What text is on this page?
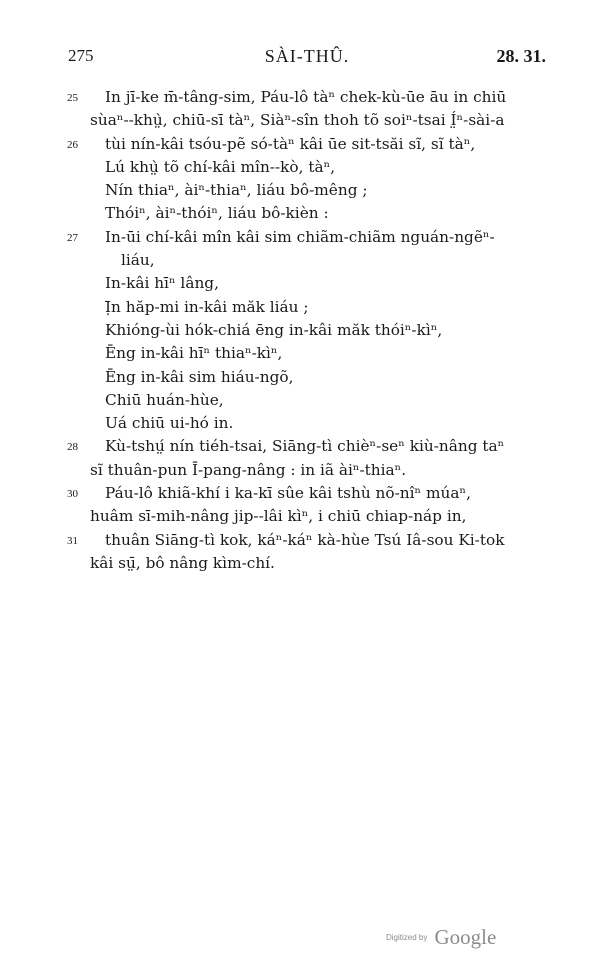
275	SÀI-THÛ.	28. 31.
25 In jī-ke m̄-tâng-sim, Páu-lô tàⁿ chek-kù-ūe āu in chiū
sùaⁿ--khṳ̀, chiū-sī tàⁿ, Siàⁿ-sîn thoh tõ soiⁿ-tsai Í̤ⁿ-sài-a
26 tùi nín-kâi tsóu-pẽ só-tàⁿ kâi ūe sit-tsăi sĩ, sĩ tàⁿ,
Lú khṳ̀ tõ chí-kâi mîn--kò, tàⁿ,
Nín thiaⁿ, àiⁿ-thiaⁿ, liáu bô-mêng ;
Thóiⁿ, àiⁿ-thóiⁿ, liáu bô-kièn :
27 In-ūi chí-kâi mîn kâi sim chiãm-chiãm nguán-ngẽⁿ-
liáu,
In-kâi hīⁿ lâng,
Ị̄n hăp-mi in-kâi măk liáu ;
Khióng-ùi hók-chiá ēng in-kâi măk thóiⁿ-kìⁿ,
Ēng in-kâi hīⁿ thiaⁿ-kìⁿ,
Ēng in-kâi sim hiáu-ngõ,
Chiū huán-hùe,
Uá chiū ui-hó in.
28 Kù-tshṳ́ nín tiéh-tsai, Siāng-tì chièⁿ-seⁿ kiù-nâng taⁿ
sĩ thuân-pun Ī-pang-nâng : in iã àiⁿ-thiaⁿ.
30 Páu-lô khiã-khí i ka-kī sûe kâi tshù nõ-nîⁿ múaⁿ,
huâm sī-mih-nâng jip--lâi kìⁿ, i chiū chiap-náp in,
31 thuân Siāng-tì kok, káⁿ-káⁿ kà-hùe Tsú Iâ-sou Ki-tok
kâi sṳ̄, bô nâng kìm-chí.
Digitized by Google
